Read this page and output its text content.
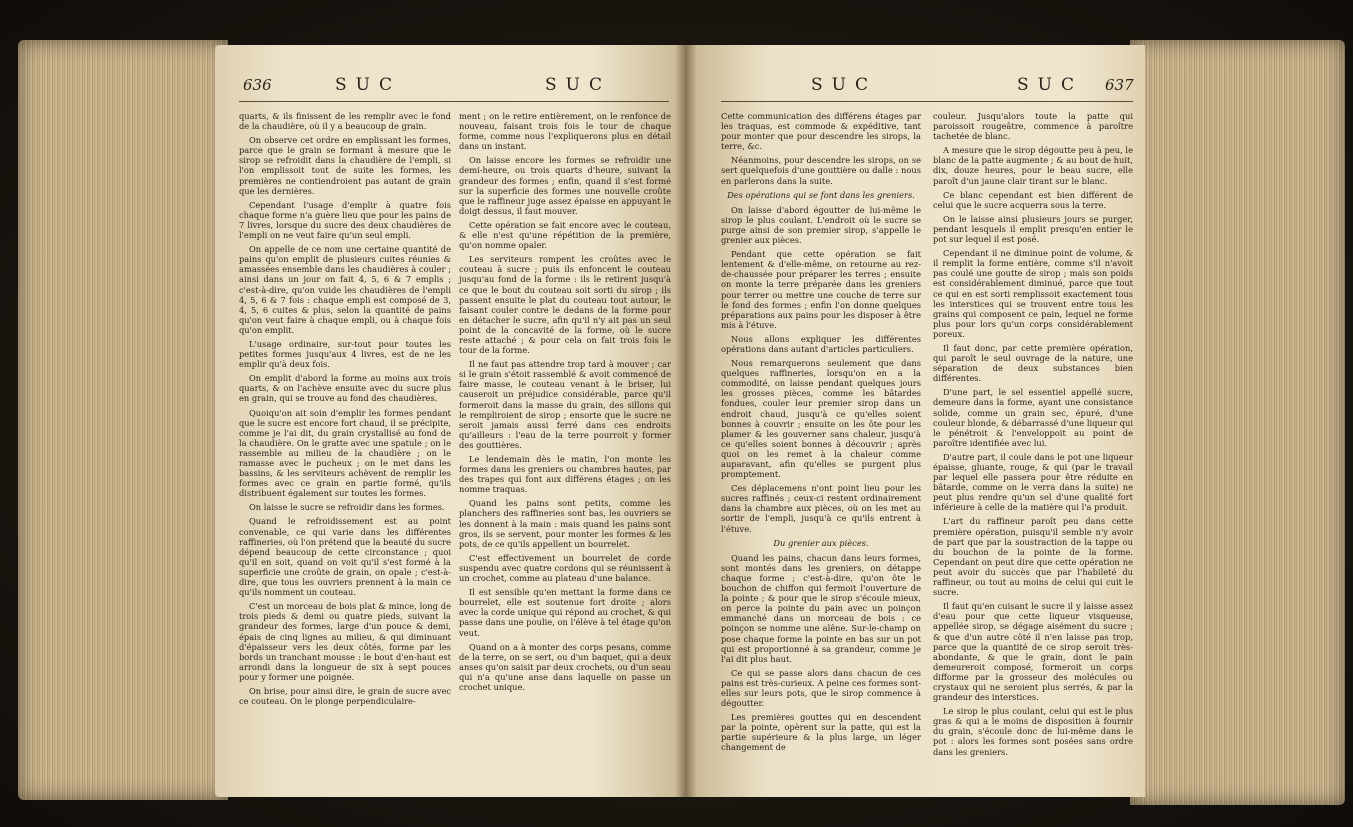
636	SUC	SUC

quarts, & ils finissent de les remplir avec le fond de la chaudière, où il y a beaucoup de grain.

On observe cet ordre en emplissant les formes, parce que le grain se formant à mesure que le sirop se refroidit dans la chaudière de l'empli, si l'on emplissoit tout de suite les formes, les premières ne contiendroient pas autant de grain que les dernières.

Cependant l'usage d'emplir à quatre fois chaque forme n'a guère lieu que pour les pains de 7 livres, lorsque du sucre des deux chaudières de l'empli on ne veut faire qu'un seul empli.

On appelle de ce nom une certaine quantité de pains qu'on emplit de plusieurs cuites réunies & amassées ensemble dans les chaudières à couler ; ainsi dans un jour on fait 4, 5, 6 & 7 emplis ; c'est-à-dire, qu'on vuide les chaudières de l'empli 4, 5, 6 & 7 fois : chaque empli est composé de 3, 4, 5, 6 cuites & plus, selon la quantité de pains qu'on veut faire à chaque empli, ou à chaque fois qu'on emplit.

L'usage ordinaire, sur-tout pour toutes les petites formes jusqu'aux 4 livres, est de ne les emplir qu'à deux fois.

On emplit d'abord la forme au moins aux trois quarts, & on l'achève ensuite avec du sucre plus en grain, qui se trouve au fond des chaudières.

Quoiqu'on ait soin d'emplir les formes pendant que le sucre est encore fort chaud, il se précipite, comme je l'ai dit, du grain crystallisé au fond de la chaudière. On le gratte avec une spatule ; on le rassemble au milieu de la chaudière ; on le ramasse avec le pucheux ; on le met dans les bassins, & les serviteurs achèvent de remplir les formes avec ce grain en partie formé, qu'ils distribuent également sur toutes les formes.

On laisse le sucre se refroidir dans les formes.

Quand le refroidissement est au point convenable, ce qui varie dans les différentes raffineries, où l'on prétend que la beauté du sucre dépend beaucoup de cette circonstance ; quoi qu'il en soit, quand on voit qu'il s'est formé à la superficie une croûte de grain, on opale ; c'est-à-dire, que tous les ouvriers prennent à la main ce qu'ils nomment un couteau.

C'est un morceau de bois plat & mince, long de trois pieds & demi ou quatre pieds, suivant la grandeur des formes, large d'un pouce & demi, épais de cinq lignes au milieu, & qui diminuant d'épaisseur vers les deux côtés, forme par les bords un tranchant mousse : le bout d'en-haut est arrondi dans la longueur de six à sept pouces pour y former une poignée.

On brise, pour ainsi dire, le grain de sucre avec ce couteau. On le plonge perpendiculaire-

ment ; on le retire entièrement, on le renfonce de nouveau, faisant trois fois le tour de chaque forme, comme nous l'expliquerons plus en détail dans un instant.

On laisse encore les formes se refroidir une demi-heure, ou trois quarts d'heure, suivant la grandeur des formes ; enfin, quand il s'est formé sur la superficie des formes une nouvelle croûte que le raffineur juge assez épaisse en appuyant le doigt dessus, il faut mouver.

Cette opération se fait encore avec le couteau, & elle n'est qu'une répétition de la première, qu'on nomme opaler.

Les serviteurs rompent les croûtes avec le couteau à sucre ; puis ils enfoncent le couteau jusqu'au fond de la forme : ils le retirent jusqu'à ce que le bout du couteau soit sorti du sirop ; ils passent ensuite le plat du couteau tout autour, le faisant couler contre le dedans de la forme pour en détacher le sucre, afin qu'il n'y ait pas un seul point de la concavité de la forme, où le sucre reste attaché ; & pour cela on fait trois fois le tour de la forme.

Il ne faut pas attendre trop tard à mouver ; car si le grain s'étoit rassemblé & avoit commencé de faire masse, le couteau venant à le briser, lui causeroit un préjudice considérable, parce qu'il formeroit dans la masse du grain, des sillons qui le rempliroient de sirop ; ensorte que le sucre ne seroit jamais aussi ferré dans ces endroits qu'ailleurs : l'eau de la terre pourroit y former des gouttières.

Le lendemain dès le matin, l'on monte les formes dans les greniers ou chambres hautes, par des trapes qui font aux différens étages ; on les nomme traquas.

Quand les pains sont petits, comme les planchers des raffineries sont bas, les ouvriers se les donnent à la main : mais quand les pains sont gros, ils se servent, pour monter les formes & les pots, de ce qu'ils appellent un bourrelet.

C'est effectivement un bourrelet de corde suspendu avec quatre cordons qui se réunissent à un crochet, comme au plateau d'une balance.

Il est sensible qu'en mettant la forme dans ce bourrelet, elle est soutenue fort droite ; alors avec la corde unique qui répond au crochet, & qui passe dans une poulie, on l'élève à tel étage qu'on veut.

Quand on a à monter des corps pesans, comme de la terre, on se sert, ou d'un baquet, qui a deux anses qu'on saisit par deux crochets, ou d'un seau qui n'a qu'une anse dans laquelle on passe un crochet unique.

SUC	SUC 637

Cette communication des différens étages par les traquas, est commode & expéditive, tant pour monter que pour descendre les sirops, la terre, &c.

Néanmoins, pour descendre les sirops, on se sert quelquefois d'une gouttière ou dalle : nous en parlerons dans la suite.

Des opérations qui se font dans les greniers.

On laisse d'abord égoutter de lui-même le sirop le plus coulant. L'endroit où le sucre se purge ainsi de son premier sirop, s'appelle le grenier aux pièces.

Pendant que cette opération se fait lentement & d'elle-même, on retourne au rez-de-chaussée pour préparer les terres ; ensuite on monte la terre préparée dans les greniers pour terrer ou mettre une couche de terre sur le fond des formes ; enfin l'on donne quelques préparations aux pains pour les disposer à être mis à l'étuve.

Nous allons expliquer les différentes opérations dans autant d'articles particuliers.

Nous remarquerons seulement que dans quelques raffineries, lorsqu'on en a la commodité, on laisse pendant quelques jours les grosses pièces, comme les bâtardes fondues, couler leur premier sirop dans un endroit chaud, jusqu'à ce qu'elles soient bonnes à couvrir ; ensuite on les ôte pour les plamer & les gouverner sans chaleur, jusqu'à ce qu'elles soient bonnes à découvrir ; après quoi on les remet à la chaleur comme auparavant, afin qu'elles se purgent plus promptement.

Ces déplacemens n'ont point lieu pour les sucres raffinés ; ceux-ci restent ordinairement dans la chambre aux pièces, où on les met au sortir de l'empli, jusqu'à ce qu'ils entrent à l'étuve.

Du grenier aux pièces.

Quand les pains, chacun dans leurs formes, sont montés dans les greniers, on détappe chaque forme ; c'est-à-dire, qu'on ôte le bouchon de chiffon qui fermoit l'ouverture de la pointe ; & pour que le sirop s'écoule mieux, on perce la pointe du pain avec un poinçon emmanché dans un morceau de bois : ce poinçon se nomme une alêne. Sur-le-champ on pose chaque forme la pointe en bas sur un pot qui est proportionné à sa grandeur, comme je l'ai dit plus haut.

Ce qui se passe alors dans chacun de ces pains est très-curieux. A peine ces formes sont-elles sur leurs pots, que le sirop commence à dégoutter.

Les premières gouttes qui en descendent par la pointe, opèrent sur la patte, qui est la partie supérieure & la plus large, un léger changement de

couleur. Jusqu'alors toute la patte qui paroissoit rougeâtre, commence à paroître tachetée de blanc.

A mesure que le sirop dégoutte peu à peu, le blanc de la patte augmente ; & au bout de huit, dix, douze heures, pour le beau sucre, elle paroît d'un jaune clair tirant sur le blanc.

Ce blanc cependant est bien différent de celui que le sucre acquerra sous la terre.

On le laisse ainsi plusieurs jours se purger, pendant lesquels il emplit presqu'en entier le pot sur lequel il est posé.

Cependant il ne diminue point de volume, & il remplit la forme entière, comme s'il n'avoit pas coulé une goutte de sirop ; mais son poids est considérablement diminué, parce que tout ce qui en est sorti remplissoit exactement tous les interstices qui se trouvent entre tous les grains qui composent ce pain, lequel ne forme plus pour lors qu'un corps considérablement poreux.

Il faut donc, par cette première opération, qui paroît le seul ouvrage de la nature, une séparation de deux substances bien différentes.

D'une part, le sel essentiel appellé sucre, demeure dans la forme, ayant une consistance solide, comme un grain sec, épuré, d'une couleur blonde, & débarrassé d'une liqueur qui le pénétroit & l'enveloppoit au point de paroître identifiée avec lui.

D'autre part, il coule dans le pot une liqueur épaisse, gluante, rouge, & qui (par le travail par lequel elle passera pour être réduite en bâtarde, comme on le verra dans la suite) ne peut plus rendre qu'un sel d'une qualité fort inférieure à celle de la matière qui l'a produit.

L'art du raffineur paroît peu dans cette première opération, puisqu'il semble n'y avoir de part que par la soustraction de la tappe ou du bouchon de la pointe de la forme. Cependant on peut dire que cette opération ne peut avoir du succès que par l'habileté du raffineur, ou tout au moins de celui qui cuit le sucre.

Il faut qu'en cuisant le sucre il y laisse assez d'eau pour que cette liqueur visqueuse, appellée sirop, se dégage aisément du sucre ; & que d'un autre côté il n'en laisse pas trop, parce que la quantité de ce sirop seroit très-abondante, & que le grain, dont le pain demeureroit composé, formeroit un corps difforme par la grosseur des molécules ou crystaux qui ne seroient plus serrés, & par la grandeur des interstices.

Le sirop le plus coulant, celui qui est le plus gras & qui a le moins de disposition à fournir du grain, s'écoule donc de lui-même dans le pot : alors les formes sont posées sans ordre dans les greniers.
